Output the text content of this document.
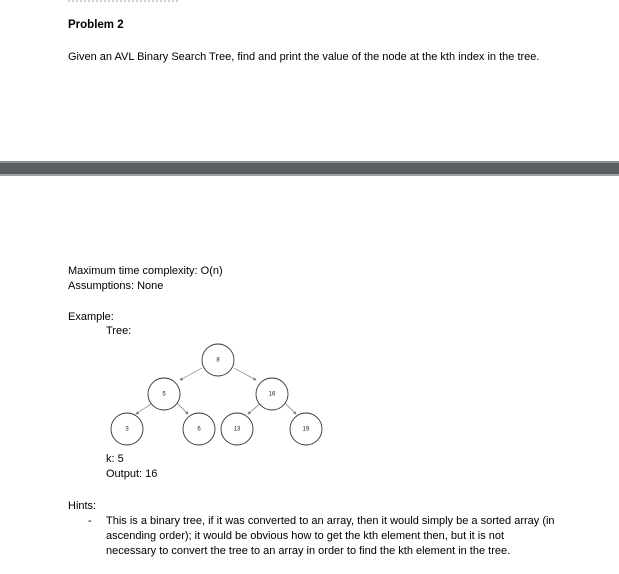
Problem 2
Given an AVL Binary Search Tree, find and print the value of the node at the kth index in the tree.
Maximum time complexity: O(n)
Assumptions: None
Example:
Tree:
8
5	16
3	6	13	19
k: 5
Output: 16
Hints:
- This is a binary tree, if it was converted to an array, then it would simply be a sorted array (in ascending order); it would be obvious how to get the kth element then, but it is not necessary to convert the tree to an array in order to find the kth element in the tree.
